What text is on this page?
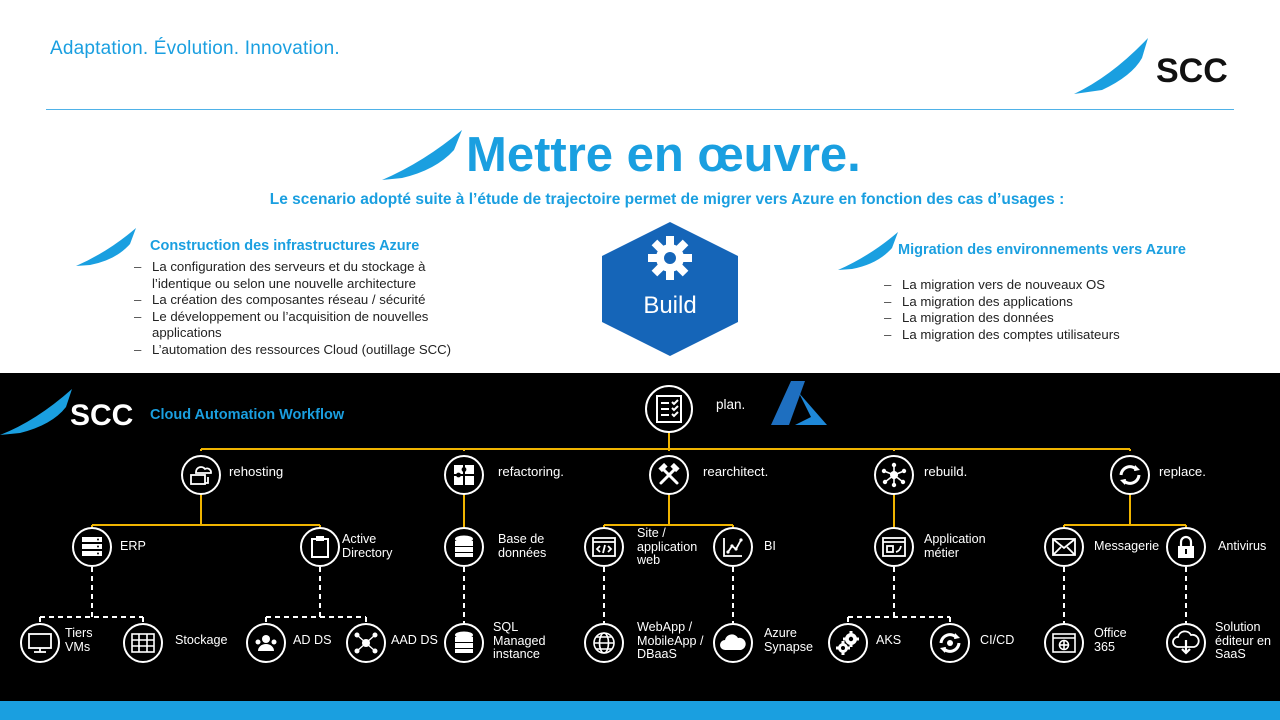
Adaptation. Évolution. Innovation.
SCC
Mettre en œuvre.
Le scenario adopté suite à l’étude de trajectoire permet de migrer vers Azure en fonction des cas d’usages :
Construction des infrastructures Azure
– La configuration des serveurs et du stockage à l’identique ou selon une nouvelle architecture
– La création des composantes réseau / sécurité
– Le développement ou l’acquisition de nouvelles applications
– L’automation des ressources Cloud (outillage SCC)
Build
Migration des environnements vers Azure
– La migration vers de nouveaux OS
– La migration des applications
– La migration des données
– La migration des comptes utilisateurs
SCC Cloud Automation Workflow
plan.
rehosting	refactoring.	rearchitect.	rebuild.	replace.
ERP	Active Directory
Base de données
Site / application web
BI	Application métier	Messagerie	Antivirus
Tiers VMs	Stockage	AD DS	AAD DS
SQL Managed instance
WebApp / MobileApp / DBaaS
Azure Synapse	AKS	CI/CD	Office 365
Solution éditeur en SaaS
